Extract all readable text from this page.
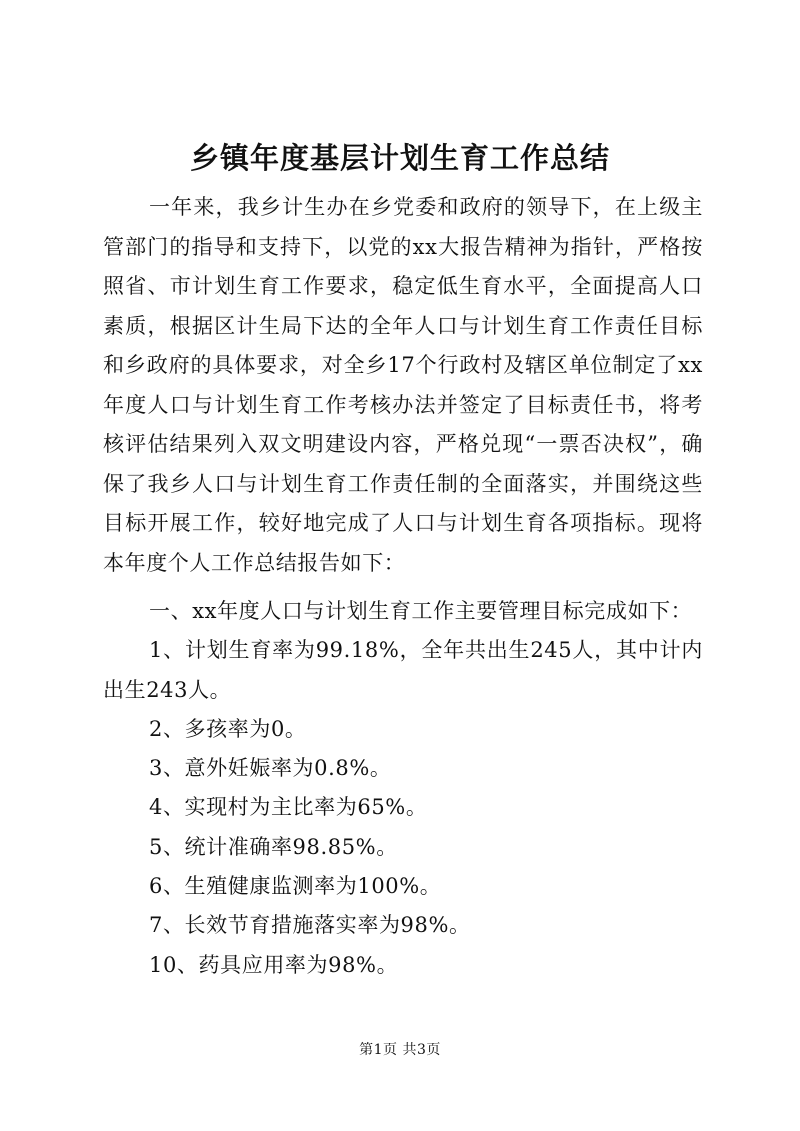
乡镇年度基层计划生育工作总结

一年来，我乡计生办在乡党委和政府的领导下，在上级主管部门的指导和支持下，以党的xx大报告精神为指针，严格按照省、市计划生育工作要求，稳定低生育水平，全面提高人口素质，根据区计生局下达的全年人口与计划生育工作责任目标和乡政府的具体要求，对全乡17个行政村及辖区单位制定了xx年度人口与计划生育工作考核办法并签定了目标责任书，将考核评估结果列入双文明建设内容，严格兑现“一票否决权”，确保了我乡人口与计划生育工作责任制的全面落实，并围绕这些目标开展工作，较好地完成了人口与计划生育各项指标。现将本年度个人工作总结报告如下：

一、xx年度人口与计划生育工作主要管理目标完成如下：

1、计划生育率为99.18%，全年共出生245人，其中计内出生243人。

2、多孩率为0。

3、意外妊娠率为0.8%。

4、实现村为主比率为65%。

5、统计准确率98.85%。

6、生殖健康监测率为100%。

7、长效节育措施落实率为98%。

10、药具应用率为98%。

第1页 共3页
